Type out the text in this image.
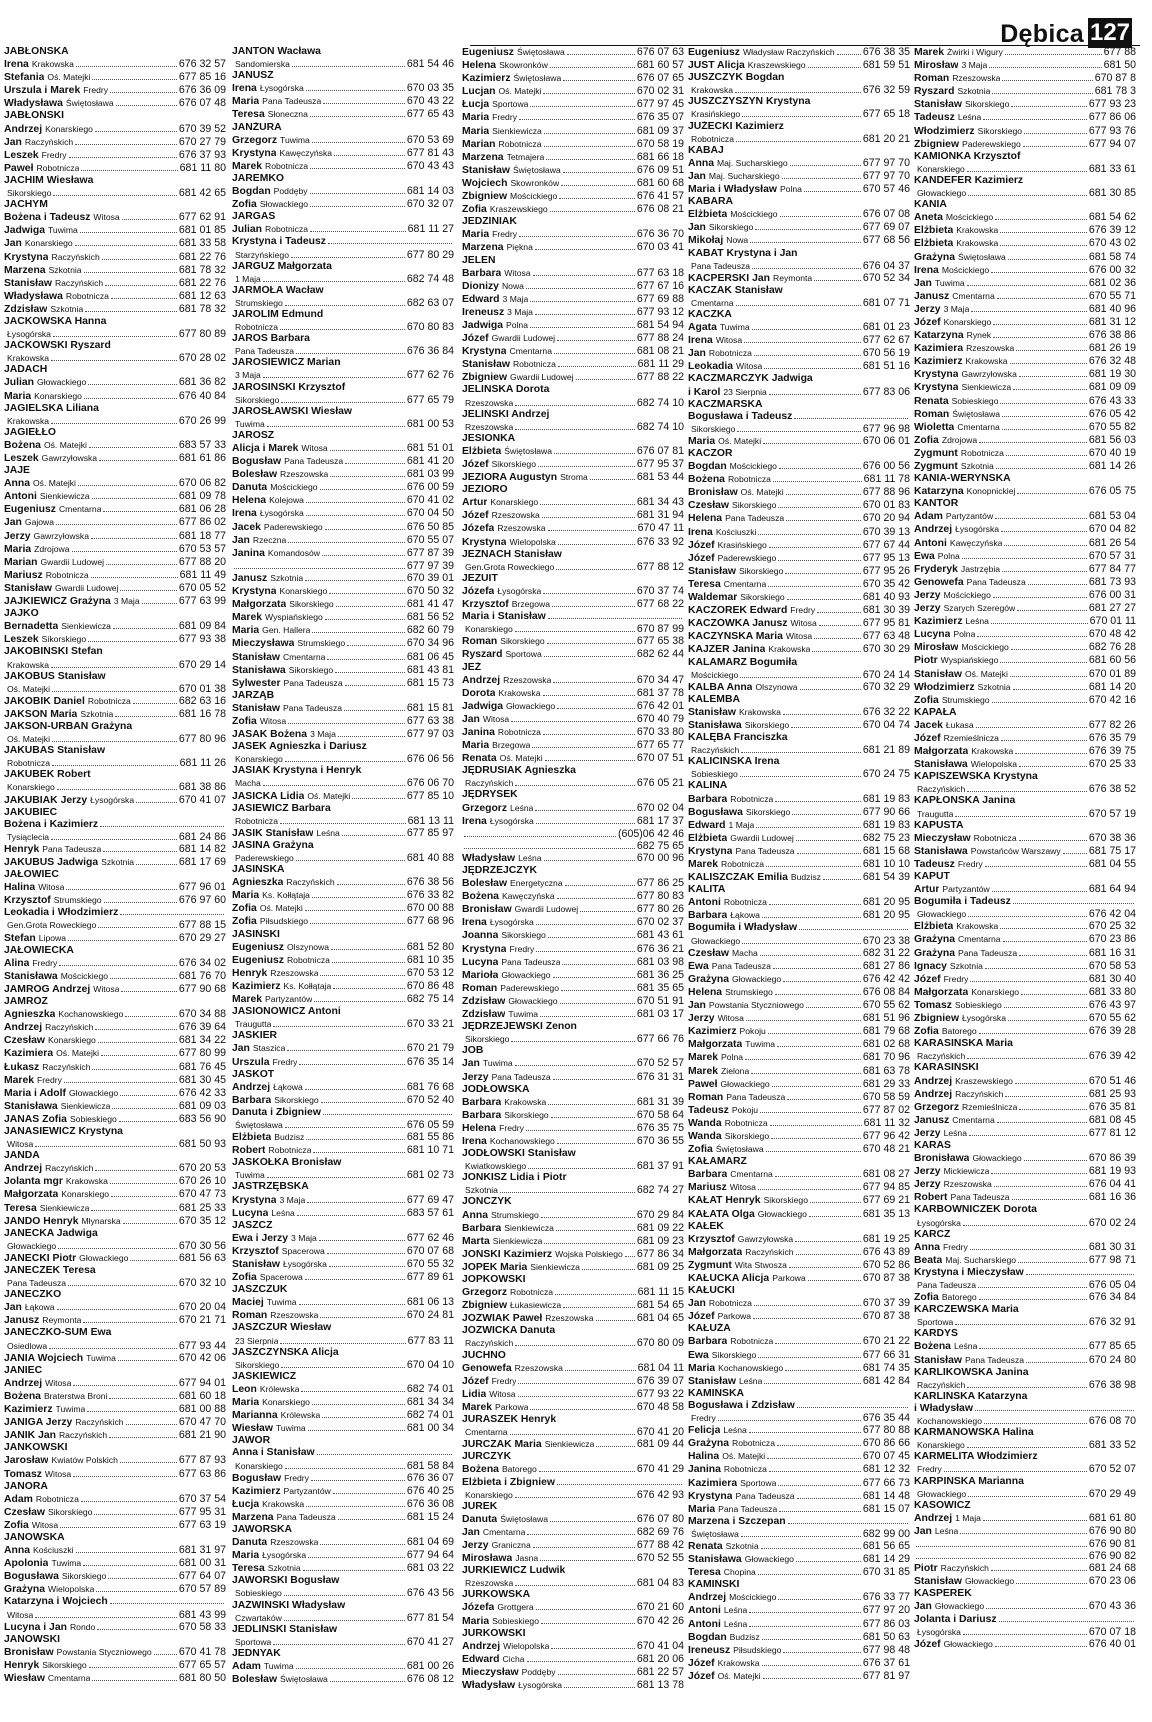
Dębica 127
JABŁOŃSKA
Irena Krakowska	676 32 57
Stefania Oś. Matejki	677 85 16
Urszula i Marek Fredry	676 36 09
Władysława Świętosława	676 07 48
JABŁOŃSKI
Andrzej Konarskiego	670 39 52
Jan Raczyńskich	670 27 79
Leszek Fredry	676 37 93
Paweł Robotnicza	681 11 80
JACHIM Wiesława
Sikorskiego	681 42 65
JACHYM
Bożena i Tadeusz Witosa	677 62 91
Jadwiga Tuwima	681 01 85
Jan Konarskiego	681 33 58
Krystyna Raczyńskich	681 22 76
Marzena Szkotnia	681 78 32
Stanisław Raczyńskich	681 22 76
Władysława Robotnicza	681 12 63
Zdzisław Szkotnia	681 78 32
JACKOWSKA Hanna
Łysogórska	677 80 89
JACKOWSKI Ryszard
Krakowska	670 28 02
JADACH
Julian Głowackiego	681 36 82
Maria Konarskiego	676 40 84
JAGIELSKA Liliana
Krakowska	670 26 99
JAGIEŁŁO
Bożena Oś. Matejki	683 57 33
Leszek Gawrzyłowska	681 61 86
JAJE
Anna Oś. Matejki	670 06 82
Antoni Sienkiewicza	681 09 78
Eugeniusz Cmentarna	681 06 28
Jan Gajowa	677 86 02
Jerzy Gawrzyłowska	681 18 77
Maria Zdrojowa	670 53 57
Marian Gwardii Ludowej	677 88 20
Mariusz Robotnicza	681 11 49
Stanisław Gwardii Ludowej	670 05 52
JAJKIEWICZ Grażyna 3 Maja	677 63 99
JAJKO
Bernadetta Sienkiewicza	681 09 84
Leszek Sikorskiego	677 93 38
JAKOBIŃSKI Stefan
Krakowska	670 29 14
JAKOBUS Stanisław
Oś. Matejki	670 01 38
JAKÓBIK Daniel Robotnicza	682 63 16
JAKSON Maria Szkotnia	681 16 78
JAKSON-URBAN Grażyna
Oś. Matejki	677 80 96
JAKUBAS Stanisław
Robotnicza	681 11 26
JAKUBEK Robert
Konarskiego	681 38 86
JAKUBIAK Jerzy Łysogórska	670 41 07
JAKUBIEC
Bożena i Kazimierz
Tysiąclecia	681 24 86
Henryk Pana Tadeusza	681 14 82
JAKUBUS Jadwiga Szkotnia	681 17 69
JAŁOWIEC
Halina Witosa	677 96 01
Krzysztof Strumskiego	676 97 60
Leokadia i Włodzimierz
Gen.Grota Roweckiego	677 88 15
Stefan Lipowa	670 29 27
JAŁOWIECKA
Alina Fredry	676 34 02
Stanisława Mościckiego	681 76 70
JAMRÓG Andrzej Witosa	677 90 68
JAMRÓZ
Agnieszka Kochanowskiego	670 34 88
Andrzej Raczyńskich	676 39 64
Czesław Konarskiego	681 34 22
Kazimiera Oś. Matejki	677 80 99
Łukasz Raczyńskich	681 76 45
Marek Fredry	681 30 45
Maria i Adolf Głowackiego	676 42 33
Stanisława Sienkiewicza	681 09 03
JANAS Zofia Sobieskiego	683 56 90
JANASIEWICZ Krystyna
Witosa	681 50 93
JANDA
Andrzej Raczyńskich	670 20 53
Jolanta mgr Krakowska	670 26 10
Małgorzata Konarskiego	670 47 73
Teresa Sienkiewicza	681 25 33
JANDO Henryk Młynarska	670 35 12
JANECKA Jadwiga
Głowackiego	670 30 56
JANECKI Piotr Głowackiego	681 56 63
JANECZEK Teresa
Pana Tadeusza	670 32 10
JANECZKO
Jan Łąkowa	670 20 04
Janusz Reymonta	670 21 71
JANECZKO-SUM Ewa
Osiedlowa	677 93 44
JANIA Wojciech Tuwima	670 42 06
JANIEC
Andrzej Witosa	677 94 01
Bożena Braterstwa Broni	681 60 18
Kazimierz Tuwima	681 00 88
JANIGA Jerzy Raczyńskich	670 47 70
JANIK Jan Raczyńskich	681 21 90
JANKOWSKI
Jarosław Kwiatów Polskich	677 87 93
Tomasz Witosa	677 63 86
JANORA
Adam Robotnicza	670 37 54
Czesław Sikorskiego	677 95 31
Zofia Witosa	677 63 19
JANOWSKA
Anna Kościuszki	681 31 97
Apolonia Tuwima	681 00 31
Bogusława Sikorskiego	677 64 07
Grażyna Wielopolska	670 57 89
Katarzyna i Wojciech
Witosa	681 43 99
Lucyna i Jan Rondo	670 58 33
JANOWSKI
Bronisław Powstania Styczniowego	670 41 78
Henryk Sikorskiego	677 65 57
Wiesław Cmentarna	681 80 50
JANTOŃ Wacława
Sandomierska	681 54 46
JANUSZ
Irena Łysogórska	670 03 35
Maria Pana Tadeusza	670 43 22
Teresa Słoneczna	677 65 43
JANŻURA
Grzegorz Tuwima	670 53 69
Krystyna Kawęczyńska	677 81 43
Marek Robotnicza	670 43 43
JAREMKO
Bogdan Poddęby	681 14 03
Zofia Słowackiego	670 32 07
JARGAS
Julian Robotnicza	681 11 27
Krystyna i Tadeusz
Starzyńskiego	677 80 29
JARGUZ Małgorzata
1 Maja	682 74 48
JARMOŁA Wacław
Strumskiego	682 63 07
JAROLIM Edmund
Robotnicza	670 80 83
JAROS Barbara
Pana Tadeusza	676 36 84
JAROSIEWICZ Marian
3 Maja	677 62 76
JAROSIŃSKI Krzysztof
Sikorskiego	677 65 79
JAROSŁAWSKI Wiesław
Tuwima	681 00 53
JAROSZ
Alicja i Marek Witosa	681 51 01
Bogusław Pana Tadeusza	681 41 20
Bolesław Rzeszowska	681 03 99
Danuta Mościckiego	676 00 59
Helena Kolejowa	670 41 02
Irena Łysogórska	670 04 50
Jacek Paderewskiego	676 50 85
Jan Rzeczna	670 55 07
Janina Komandosów	677 87 39
677 97 39
Janusz Szkotnia	670 39 01
Krystyna Konarskiego	670 50 32
Małgorzata Sikorskiego	681 41 47
Marek Wyspiańskiego	681 56 52
Maria Gen. Hallera	682 60 79
Mieczysława Strumskiego	670 34 96
Stanisław Cmentarna	681 06 45
Stanisława Sikorskiego	681 43 81
Sylwester Pana Tadeusza	681 15 73
JARZĄB
Stanisław Pana Tadeusza	681 15 81
Zofia Witosa	677 63 38
JASAK Bożena 3 Maja	677 97 03
JASEK Agnieszka i Dariusz
Konarskiego	676 06 56
JASIAK Krystyna i Henryk
Macha	676 06 70
JASICKA Lidia Oś. Matejki	677 85 10
JASIEWICZ Barbara
Robotnicza	681 13 11
JASIK Stanisław Leśna	677 85 97
JASINA Grażyna
Paderewskiego	681 40 88
JASIŃSKA
Agnieszka Raczyńskich	676 38 56
Maria Ks. Kołłątaja	676 33 82
Zofia Oś. Matejki	670 00 88
Zofia Piłsudskiego	677 68 96
JASIŃSKI
Eugeniusz Olszynowa	681 52 80
Eugeniusz Robotnicza	681 10 35
Henryk Rzeszowska	670 53 12
Kazimierz Ks. Kołłątaja	670 86 48
Marek Partyzantów	682 75 14
JASIONOWICZ Antoni
Traugutta	670 33 21
JASKIER
Jan Staszica	670 21 79
Urszula Fredry	676 35 14
JASKOT
Andrzej Łąkowa	681 76 68
Barbara Sikorskiego	670 52 40
Danuta i Zbigniew
Świętosława	676 05 59
Elżbieta Budzisz	681 55 86
Robert Robotnicza	681 10 71
JASKÓŁKA Bronisław
Tuwima	681 02 73
JASTRZĘBSKA
Krystyna 3 Maja	677 69 47
Lucyna Leśna	683 57 61
JASZCZ
Ewa i Jerzy 3 Maja	677 62 46
Krzysztof Spacerowa	670 07 68
Stanisław Łysogórska	670 55 32
Zofia Spacerowa	677 89 61
JASZCZUK
Maciej Tuwima	681 06 13
Roman Rzeszowska	670 24 81
JASZCZUR Wiesław
23 Sierpnia	677 83 11
JASZCZYŃSKA Alicja
Sikorskiego	670 04 10
JAŚKIEWICZ
Leon Królewska	682 74 01
Maria Konarskiego	681 34 34
Marianna Królewska	682 74 01
Wiesław Tuwima	681 00 34
JAWOR
Anna i Stanisław
Konarskiego	681 58 84
Bogusław Fredry	676 36 07
Kazimierz Partyzantów	676 40 25
Łucja Krakowska	676 36 08
Marzena Pana Tadeusza	681 15 24
JAWORSKA
Danuta Rzeszowska	681 04 69
Maria Łysogórska	677 94 64
Teresa Szkotnia	681 03 22
JAWORSKI Bogusław
Sobieskiego	676 43 56
JAŹWIŃSKI Władysław
Czwartaków	677 81 54
JEDLIŃSKI Stanisław
Sportowa	670 41 27
JEDNYAK
Adam Tuwima	681 00 26
Bolesław Świętosława	676 08 12
Eugeniusz Świętosława	676 07 63
Helena Skowronków	681 60 57
Kazimierz Świętosława	676 07 65
Lucjan Oś. Matejki	670 02 31
Łucja Sportowa	677 97 45
Maria Fredry	676 35 07
Maria Sienkiewicza	681 09 37
Marian Robotnicza	670 58 19
Marzena Tetmajera	681 66 18
Stanisław Świętosława	676 09 51
Wojciech Skowronków	681 60 68
Zbigniew Mościckiego	676 41 57
Zofia Kraszewskiego	676 08 21
JEDZINIAK
Maria Fredry	676 36 70
Marzena Piękna	670 03 41
JELEŃ
Barbara Witosa	677 63 18
Dionizy Nowa	677 67 16
Edward 3 Maja	677 69 88
Ireneusz 3 Maja	677 93 12
Jadwiga Polna	681 54 94
Józef Gwardii Ludowej	677 88 24
Krystyna Cmentarna	681 08 21
Stanisław Robotnicza	681 11 29
Zbigniew Gwardii Ludowej	677 88 22
JELIŃSKA Dorota
Rzeszowska	682 74 10
JELIŃSKI Andrzej
Rzeszowska	682 74 10
JESIONKA
Elżbieta Świętosława	676 07 81
Józef Sikorskiego	677 95 37
JEZIORA Augustyn Stroma	681 53 44
JEZIORO
Artur Konarskiego	681 34 43
Józef Rzeszowska	681 31 94
Józefa Rzeszowska	670 47 11
Krystyna Wielopolska	676 33 92
JEZNACH Stanisław
Gen.Grota Roweckiego	677 88 12
JEZUIT
Józefa Łysogórska	670 37 74
Krzysztof Brzegowa	677 68 22
Maria i Stanisław
Konarskiego	670 87 99
Roman Sikorskiego	677 65 38
Ryszard Sportowa	682 62 44
JEŻ
Andrzej Rzeszowska	670 34 47
Dorota Krakowska	681 37 78
Jadwiga Głowackiego	676 42 01
Jan Witosa	670 40 79
Janina Robotnicza	670 33 80
Maria Brzegowa	677 65 77
Renata Oś. Matejki	670 07 51
JĘDRUSIAK Agnieszka
Raczyńskich	676 05 21
JĘDRYSEK
Grzegorz Leśna	670 02 04
Irena Łysogórska	681 17 37
(605)06 42 46
682 75 65
Władysław Leśna	670 00 96
JĘDRZEJCZYK
Bolesław Energetyczna	677 86 25
Bożena Kawęczyńska	677 80 83
Bronisław Gwardii Ludowej	677 80 26
Irena Łysogórska	670 02 37
Joanna Sikorskiego	681 43 61
Krystyna Fredry	676 36 21
Lucyna Pana Tadeusza	681 03 98
Marioła Głowackiego	681 36 25
Roman Paderewskiego	681 35 65
Zdzisław Głowackiego	670 51 91
Zdzisław Tuwima	681 03 17
JĘDRZEJEWSKI Zenon
Sikorskiego	677 66 76
JOB
Jan Tuwima	670 52 57
Jerzy Pana Tadeusza	676 31 31
JODŁOWSKA
Barbara Krakowska	681 31 39
Barbara Sikorskiego	670 58 64
Helena Fredry	676 35 75
Irena Kochanowskiego	670 36 55
JODŁOWSKI Stanisław
Kwiatkowskiego	681 37 91
JONKISZ Lidia i Piotr
Szkotnia	682 74 27
JOŃCZYK
Anna Strumskiego	670 29 84
Barbara Sienkiewicza	681 09 22
Marta Sienkiewicza	681 09 23
JOŃSKI Kazimierz Wojska Polskiego 677 86 34
JOPEK Maria Sienkiewicza	681 09 25
JOPKOWSKI
Grzegorz Robotnicza	681 11 15
Zbigniew Łukasiewicza	681 54 65
JÓŹWIAK Paweł Rzeszowska	681 04 65
JÓŹWICKA Danuta
Raczyńskich	670 80 09
JUCHNO
Genowefa Rzeszowska	681 04 11
Józef Fredry	676 39 07
Lidia Witosa	677 93 22
Marek Parkowa	670 48 58
JURASZEK Henryk
Cmentarna	670 41 20
JURCZAK Maria Sienkiewicza	681 09 44
JURCZYK
Bożena Batorego	670 41 29
Elżbieta i Zbigniew
Konarskiego	676 42 93
JUREK
Danuta Świętosława	676 07 80
Jan Cmentarna	682 69 76
Jerzy Graniczna	677 88 42
Mirosława Jasna	670 52 55
JURKIEWICZ Ludwik
Rzeszowska	681 04 83
JURKOWSKA
Józefa Grottgera	670 21 60
Maria Sobieskiego	670 42 26
JURKOWSKI
Andrzej Wielopolska	670 41 04
Edward Cicha	681 20 06
Mieczysław Poddęby	681 22 57
Władysław Łysogórska	681 13 78
Eugeniusz Władysław Raczyńskich	676 38 35
JUST Alicja Kraszewskiego	681 59 51
JUSZCZYK Bogdan
Krakowska	676 32 59
JUSZCZYSZYN Krystyna
Krasińskiego	677 65 18
JUŻECKI Kazimierz
Robotnicza	681 20 21
KABAJ
Anna Maj. Sucharskiego	677 97 70
Jan Maj. Sucharskiego	677 97 70
Maria i Władysław Polna	670 57 46
KABARA
Elżbieta Mościckiego	676 07 08
Jan Sikorskiego	677 69 07
Mikołaj Nowa	677 68 56
KABAT Krystyna i Jan
Pana Tadeusza	676 04 37
KACPERSKI Jan Reymonta	670 52 34
KACZAK Stanisław
Cmentarna	681 07 71
KACZKA
Agata Tuwima	681 01 23
Irena Witosa	677 62 67
Jan Robotnicza	670 56 19
Leokadia Witosa	681 51 16
KACZMARCZYK Jadwiga
i Karol 23 Sierpnia	677 83 06
KACZMARSKA
Bogusława i Tadeusz
Sikorskiego	677 96 98
Maria Oś. Matejki	670 06 01
KACZOR
Bogdan Mościckiego	676 00 56
Bożena Robotnicza	681 11 78
Bronisław Oś. Matejki	677 88 96
Czesław Sikorskiego	670 01 83
Helena Pana Tadeusza	670 20 94
Irena Kościuszki	670 39 13
Józef Krasińskiego	677 67 44
Józef Paderewskiego	677 95 13
Stanisław Sikorskiego	677 95 26
Teresa Cmentarna	670 35 42
Waldemar Sikorskiego	681 40 93
KACZOREK Edward Fredry	681 30 39
KACZÓWKA Janusz Witosa	677 95 81
KACZYŃSKA Maria Witosa	677 63 48
KAJZER Janina Krakowska	670 30 29
KALAMARZ Bogumiła
Mościckiego	670 24 14
KALBA Anna Olszynowa	670 32 29
KALEMBA
Stanisław Krakowska	676 32 22
Stanisława Sikorskiego	670 04 74
KALĘBA Franciszka
Raczyńskich	681 21 89
KALICIŃSKA Irena
Sobieskiego	670 24 75
KALINA
Barbara Robotnicza	681 19 83
Bogusława Sikorskiego	677 90 66
Edward 1 Maja	681 19 83
Elżbieta Gwardii Ludowej	682 75 23
Krystyna Pana Tadeusza	681 15 68
Marek Robotnicza	681 10 10
KALISZCZAK Emilia Budzisz	681 54 39
KALITA
Antoni Robotnicza	681 20 95
Barbara Łąkowa	681 20 95
Bogumiła i Władysław
Głowackiego	670 23 38
Czesław Macha	682 31 22
Ewa Pana Tadeusza	681 27 86
Grażyna Głowackiego	676 42 42
Helena Strumskiego	676 08 84
Jan Powstania Styczniowego	670 55 62
Jerzy Witosa	681 51 96
Kazimierz Pokoju	681 79 68
Małgorzata Tuwima	681 02 68
Marek Polna	681 70 96
Marek Zielona	681 63 78
Paweł Głowackiego	681 29 33
Roman Pana Tadeusza	670 58 59
Tadeusz Pokoju	677 87 02
Wanda Robotnicza	681 11 32
Wanda Sikorskiego	677 96 42
Zofia Świętosława	670 48 21
KAŁAMARZ
Barbara Cmentarna	681 08 27
Mariusz Witosa	677 94 85
KAŁAT Henryk Sikorskiego	677 69 21
KAŁATA Olga Głowackiego	681 35 13
KAŁEK
Krzysztof Gawrzyłowska	681 19 25
Małgorzata Raczyńskich	676 43 89
Zygmunt Wita Stwosza	670 52 86
KAŁUCKA Alicja Parkowa	670 87 38
KAŁUCKI
Jan Robotnicza	670 37 39
Józef Parkowa	670 87 38
KAŁUŻA
Barbara Robotnicza	670 21 22
Ewa Sikorskiego	677 66 31
Maria Kochanowskiego	681 74 35
Stanisław Leśna	681 42 84
KAMIŃSKA
Bogusława i Zdzisław
Fredry	676 35 44
Felicja Leśna	677 80 88
Grażyna Robotnicza	670 86 66
Halina Oś. Matejki	670 07 45
Janina Robotnicza	681 12 32
Kazimiera Sportowa	677 66 73
Krystyna Pana Tadeusza	681 14 48
Maria Pana Tadeusza	681 15 07
Marzena i Szczepan
Świętosława	682 99 00
Renata Szkotnia	681 56 65
Stanisława Głowackiego	681 14 29
Teresa Chopina	670 31 85
KAMIŃSKI
Andrzej Mościckiego	676 33 77
Antoni Leśna	677 97 20
Antoni Leśna	677 86 03
Bogdan Budzisz	681 50 63
Ireneusz Piłsudskiego	677 98 48
Józef Krakowska	676 37 61
Józef Oś. Matejki	677 81 97
Marek Żwirki i Wigury	677 88
Mirosław 3 Maja	681 50
Roman Rzeszowska	670 87 8
Ryszard Szkotnia	681 78 3
Stanisław Sikorskiego	677 93 23
Tadeusz Leśna	677 86 06
Włodzimierz Sikorskiego	677 93 76
Zbigniew Paderewskiego	677 94 07
KAMIONKA Krzysztof
Konarskiego	681 33 61
KANDEFER Kazimierz
Głowackiego	681 30 85
KANIA
Aneta Mościckiego	681 54 62
Elżbieta Krakowska	676 39 12
Elżbieta Krakowska	670 43 02
Grażyna Świętosława	681 58 74
Irena Mościckiego	676 00 32
Jan Tuwima	681 02 36
Janusz Cmentarna	670 55 71
Jerzy 3 Maja	681 40 96
Józef Konarskiego	681 31 12
Katarzyna Rynek	676 38 86
Kazimiera Rzeszowska	681 26 19
Kazimierz Krakowska	676 32 48
Krystyna Gawrzyłowska	681 19 30
Krystyna Sienkiewicza	681 09 09
Renata Sobieskiego	676 43 33
Roman Świętosława	676 05 42
Wioletta Cmentarna	670 55 82
Zofia Zdrojowa	681 56 03
Zygmunt Robotnicza	670 40 19
Zygmunt Szkotnia	681 14 26
KANIA-WERYŃSKA
Katarzyna Konopnickiej	676 05 75
KANTOR
Adam Partyzantów	681 53 04
Andrzej Łysogórska	670 04 82
Antoni Kawęczyńska	681 26 54
Ewa Polna	670 57 31
Fryderyk Jastrzębia	677 84 77
Genowefa Pana Tadeusza	681 73 93
Jerzy Mościckiego	676 00 31
Jerzy Szarych Szeregów	681 27 27
Kazimierz Leśna	670 01 11
Lucyna Polna	670 48 42
Mirosław Mościckiego	682 76 28
Piotr Wyspiańskiego	681 60 56
Stanisław Oś. Matejki	670 01 89
Włodzimierz Szkotnia	681 14 20
Zofia Strumskiego	670 42 16
KAPAŁA
Jacek Łukasa	677 82 26
Józef Rzemieślnicza	676 35 79
Małgorzata Krakowska	676 39 75
Stanisława Wielopolska	670 25 33
KAPISZEWSKA Krystyna
Raczyńskich	676 38 52
KAPŁOŃSKA Janina
Traugutta	670 57 19
KAPUSTA
Mieczysław Robotnicza	670 38 36
Stanisława Powstańców Warszawy	681 75 17
Tadeusz Fredry	681 04 55
KAPUT
Artur Partyzantów	681 64 94
Bogumiła i Tadeusz
Głowackiego	676 42 04
Elżbieta Krakowska	670 25 32
Grażyna Cmentarna	670 23 86
Grażyna Pana Tadeusza	681 16 31
Ignacy Szkotnia	670 58 53
Józef Fredry	681 30 40
Małgorzata Konarskiego	681 33 80
Tomasz Sobieskiego	676 43 97
Zbigniew Łysogórska	670 55 62
Zofia Batorego	676 39 28
KARASIŃSKA Maria
Raczyńskich	676 39 42
KARASIŃSKI
Andrzej Kraszewskiego	670 51 46
Andrzej Raczyńskich	681 25 93
Grzegorz Rzemieślnicza	676 35 81
Janusz Cmentarna	681 08 45
Jerzy Leśna	677 81 12
KARAŚ
Bronisława Głowackiego	670 86 39
Jerzy Mickiewicza	681 19 93
Jerzy Rzeszowska	676 04 41
Robert Pana Tadeusza	681 16 36
KARBOWNICZEK Dorota
Łysogórska	670 02 24
KARCZ
Anna Fredry	681 30 31
Beata Maj. Sucharskiego	677 98 71
Krystyna i Mieczysław
Pana Tadeusza	676 05 04
Zofia Batorego	676 34 84
KARCZEWSKA Maria
Sportowa	676 32 91
KARDYŚ
Bożena Leśna	677 85 65
Stanisław Pana Tadeusza	670 24 80
KARLIKOWSKA Janina
Raczyńskich	676 38 98
KARLIŃSKA Katarzyna
i Władysław
Kochanowskiego	676 08 70
KARMANOWSKA Halina
Konarskiego	681 33 52
KARMELITA Włodzimierz
Fredry	670 52 07
KARPIŃSKA Marianna
Głowackiego	670 29 49
KASOWICZ
Andrzej 1 Maja	681 61 80
Jan Leśna	676 90 80
676 90 81
676 90 82
Piotr Raczyńskich	681 24 68
Stanisław Głowackiego	670 23 06
KASPEREK
Jan Głowackiego	670 43 36
Jolanta i Dariusz
Łysogórska	670 07 18
Józef Głowackiego	676 40 01
